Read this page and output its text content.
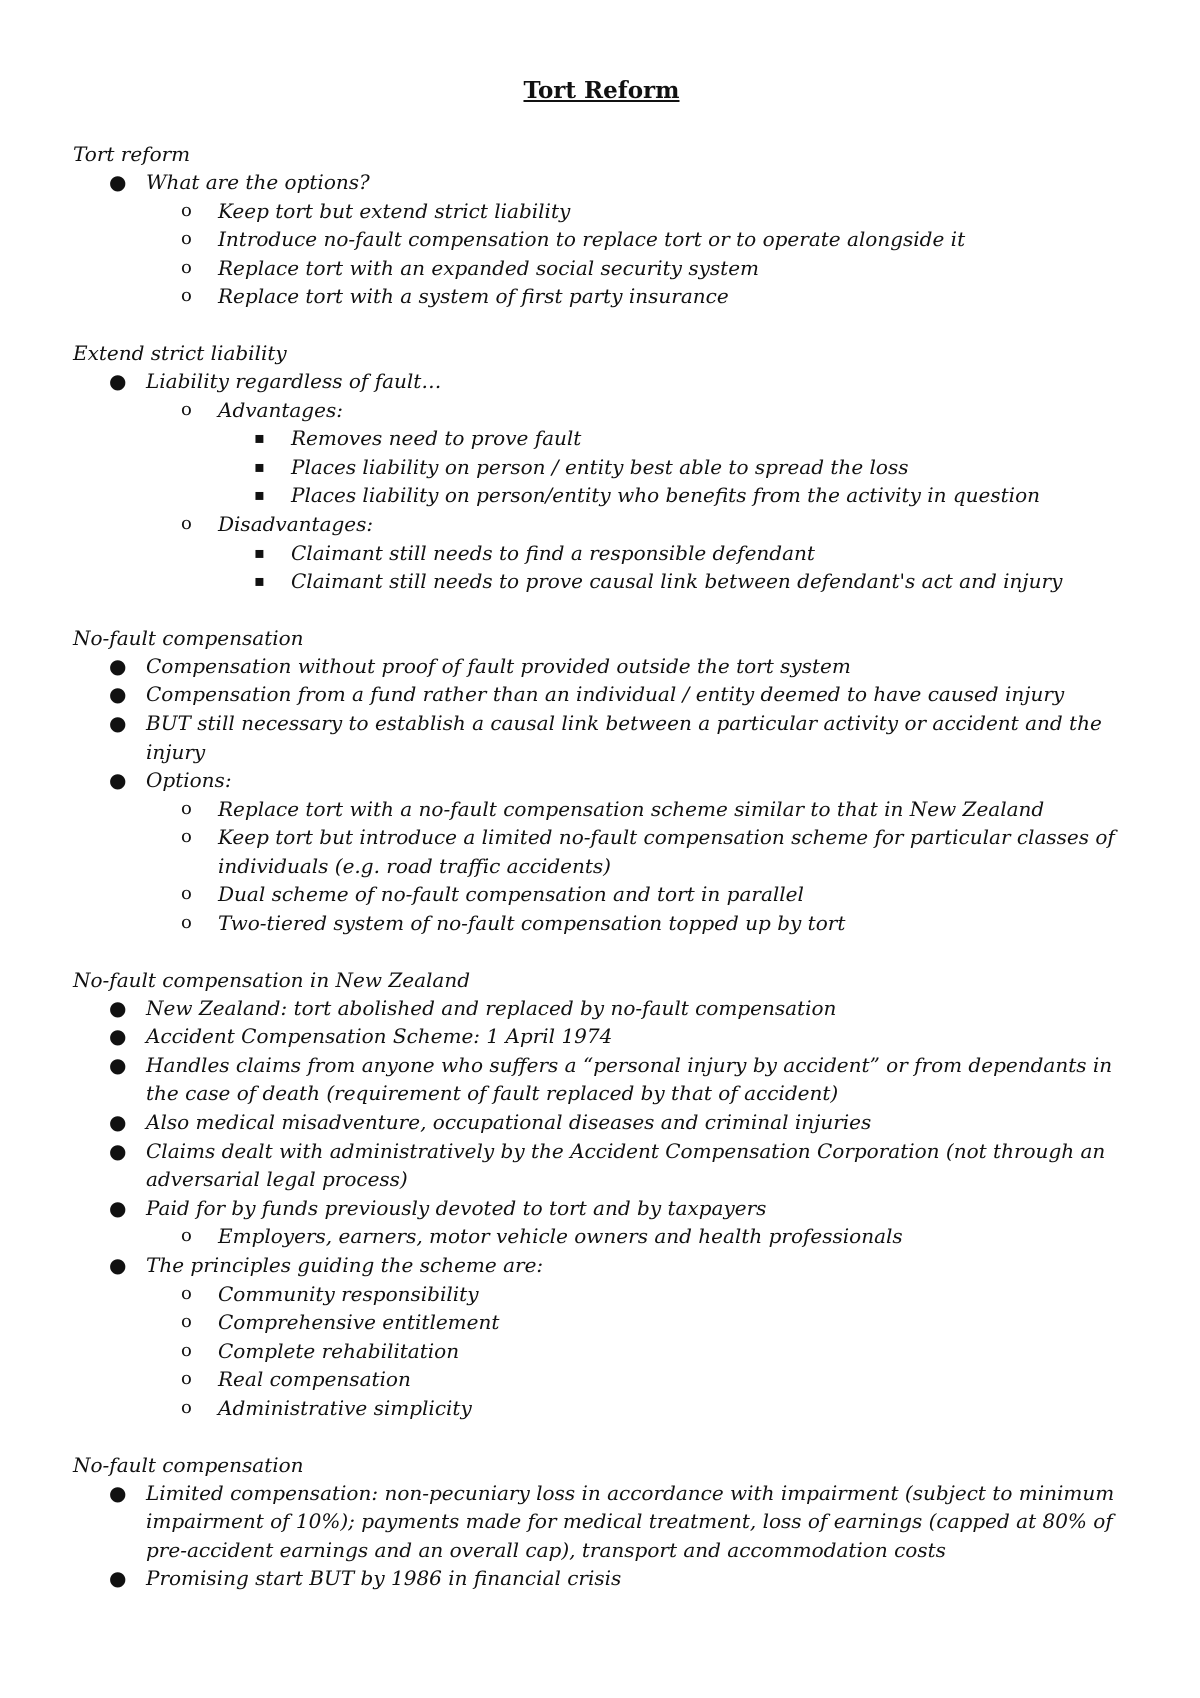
Tort Reform
Tort reform
● What are the options?
o Keep tort but extend strict liability
o Introduce no-fault compensation to replace tort or to operate alongside it
o Replace tort with an expanded social security system
o Replace tort with a system of first party insurance
Extend strict liability
● Liability regardless of fault…
o Advantages:
▪ Removes need to prove fault
▪ Places liability on person / entity best able to spread the loss
▪ Places liability on person/entity who benefits from the activity in question
o Disadvantages:
▪ Claimant still needs to find a responsible defendant
▪ Claimant still needs to prove causal link between defendant's act and injury
No-fault compensation
● Compensation without proof of fault provided outside the tort system
● Compensation from a fund rather than an individual / entity deemed to have caused injury
● BUT still necessary to establish a causal link between a particular activity or accident and the injury
● Options:
o Replace tort with a no-fault compensation scheme similar to that in New Zealand
o Keep tort but introduce a limited no-fault compensation scheme for particular classes of individuals (e.g. road traffic accidents)
o Dual scheme of no-fault compensation and tort in parallel
o Two-tiered system of no-fault compensation topped up by tort
No-fault compensation in New Zealand
● New Zealand: tort abolished and replaced by no-fault compensation
● Accident Compensation Scheme: 1 April 1974
● Handles claims from anyone who suffers a “personal injury by accident” or from dependants in the case of death (requirement of fault replaced by that of accident)
● Also medical misadventure, occupational diseases and criminal injuries
● Claims dealt with administratively by the Accident Compensation Corporation (not through an adversarial legal process)
● Paid for by funds previously devoted to tort and by taxpayers
o Employers, earners, motor vehicle owners and health professionals
● The principles guiding the scheme are:
o Community responsibility
o Comprehensive entitlement
o Complete rehabilitation
o Real compensation
o Administrative simplicity
No-fault compensation
● Limited compensation: non-pecuniary loss in accordance with impairment (subject to minimum impairment of 10%); payments made for medical treatment, loss of earnings (capped at 80% of pre-accident earnings and an overall cap), transport and accommodation costs
● Promising start BUT by 1986 in financial crisis
